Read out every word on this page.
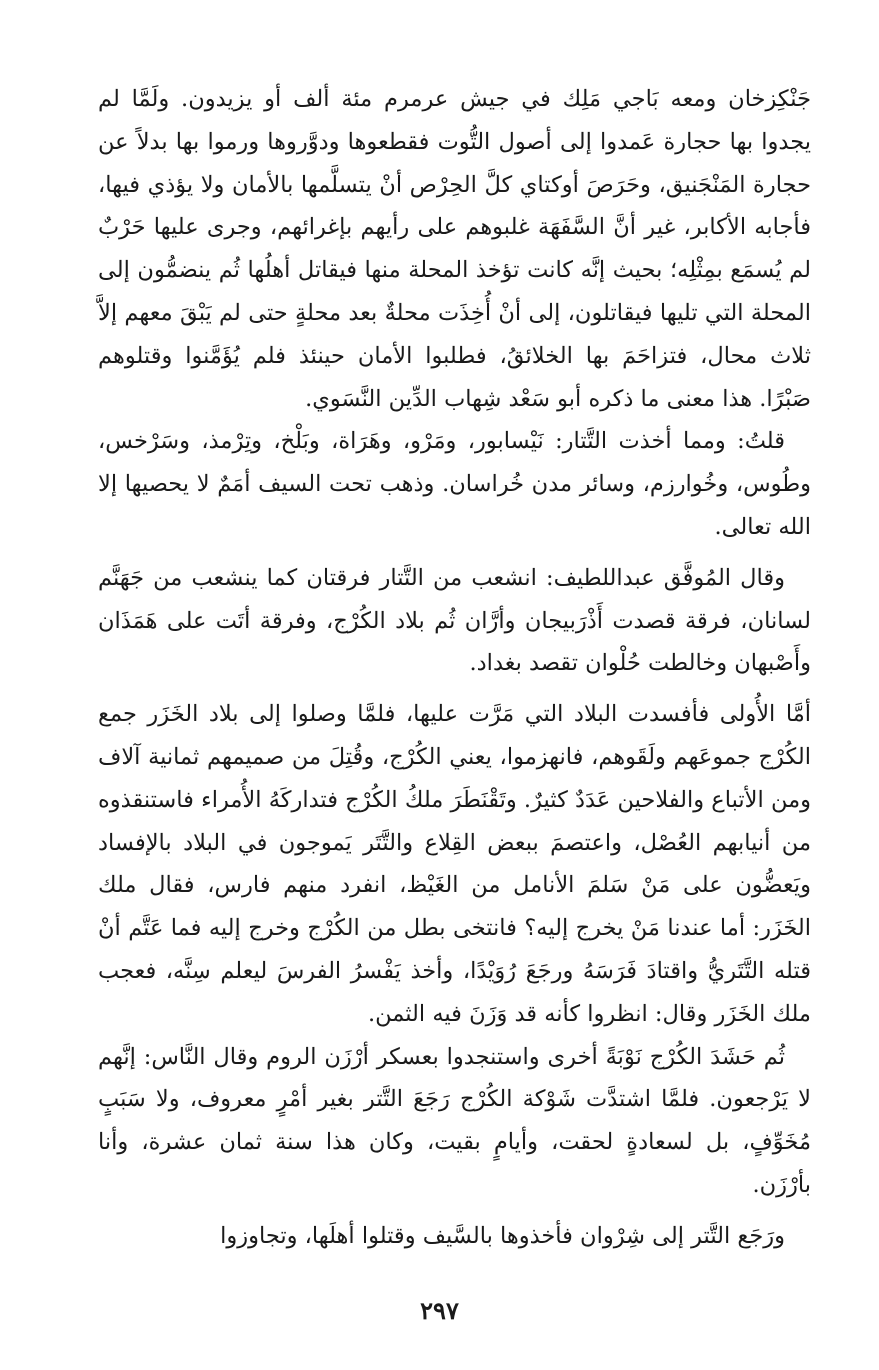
جَنْكِزخان ومعه بَاجي مَلِك في جيش عرمرم مئة ألف أو يزيدون. ولَمَّا لم يجدوا بها حجارة عَمدوا إلى أصول التُّوت فقطعوها ودوَّروها ورموا بها بدلاً عن حجارة المَنْجَنيق، وحَرَصَ أوكتاي كلَّ الحِرْص أنْ يتسلَّمها بالأمان ولا يؤذي فيها، فأجابه الأكابر، غير أنَّ السَّفَهَة غلبوهم على رأيهم بإغرائهم، وجرى عليها حَرْبٌ لم يُسمَع بمِثْلِه؛ بحيث إنَّه كانت تؤخذ المحلة منها فيقاتل أهلُها ثُم ينضمُّون إلى المحلة التي تليها فيقاتلون، إلى أنْ أُخِذَت محلةٌ بعد محلةٍ حتى لم يَبْقَ معهم إلاَّ ثلاث محال، فتزاحَمَ بها الخلائقُ، فطلبوا الأمان حينئذ فلم يُؤَمَّنوا وقتلوهم صَبْرًا. هذا معنى ما ذكره أبو سَعْد شِهاب الدِّين النَّسَوي.

قلتُ: ومما أخذت التَّتار: نَيْسابور، ومَرْو، وهَرَاة، وبَلْخ، وتِرْمذ، وسَرْخس، وطُوس، وخُوارزم، وسائر مدن خُراسان. وذهب تحت السيف أمَمٌ لا يحصيها إلا الله تعالى.

وقال المُوفَّق عبداللطيف: انشعب من التَّتار فرقتان كما ينشعب من جَهَنَّم لسانان، فرقة قصدت أَذْرَبيجان وأرَّان ثُم بلاد الكُرْج، وفرقة أتَت على هَمَذَان وأَصْبهان وخالطت حُلْوان تقصد بغداد.

أمَّا الأُولى فأفسدت البلاد التي مَرَّت عليها، فلمَّا وصلوا إلى بلاد الخَزَر جمع الكُرْج جموعَهم ولَقَوهم، فانهزموا، يعني الكُرْج، وقُتِلَ من صميمهم ثمانية آلاف ومن الأتباع والفلاحين عَدَدٌ كثيرٌ. وتَقْنَطَرَ ملكُ الكُرْج فتداركَهُ الأُمراء فاستنقذوه من أنيابهم العُصْل، واعتصمَ ببعض القِلاع والتَّتَر يَموجون في البلاد بالإفساد ويَعضُّون على مَنْ سَلمَ الأنامل من الغَيْظ، انفرد منهم فارس، فقال ملك الخَزَر: أما عندنا مَنْ يخرج إليه؟ فانتخى بطل من الكُرْج وخرج إليه فما عَتَّم أنْ قتله التَّتَريُّ واقتادَ فَرَسَهُ ورجَعَ رُوَيْدًا، وأخذ يَفْسرُ الفرسَ ليعلم سِنَّه، فعجب ملك الخَزَر وقال: انظروا كأنه قد وَزَنَ فيه الثمن.

ثُم حَشَدَ الكُرْج نَوْبَةً أخرى واستنجدوا بعسكر أرْزَن الروم وقال النَّاس: إنَّهم لا يَرْجعون. فلمَّا اشتدَّت شَوْكة الكُرْج رَجَعَ التَّتر بغير أمْرٍ معروف، ولا سَبَبٍ مُخَوِّفٍ، بل لسعادةٍ لحقت، وأيامٍ بقيت، وكان هذا سنة ثمان عشرة، وأنا بأرْزَن.

ورَجَع التَّتر إلى شِرْوان فأخذوها بالسَّيف وقتلوا أهلَها، وتجاوزوا

٢٩٧
